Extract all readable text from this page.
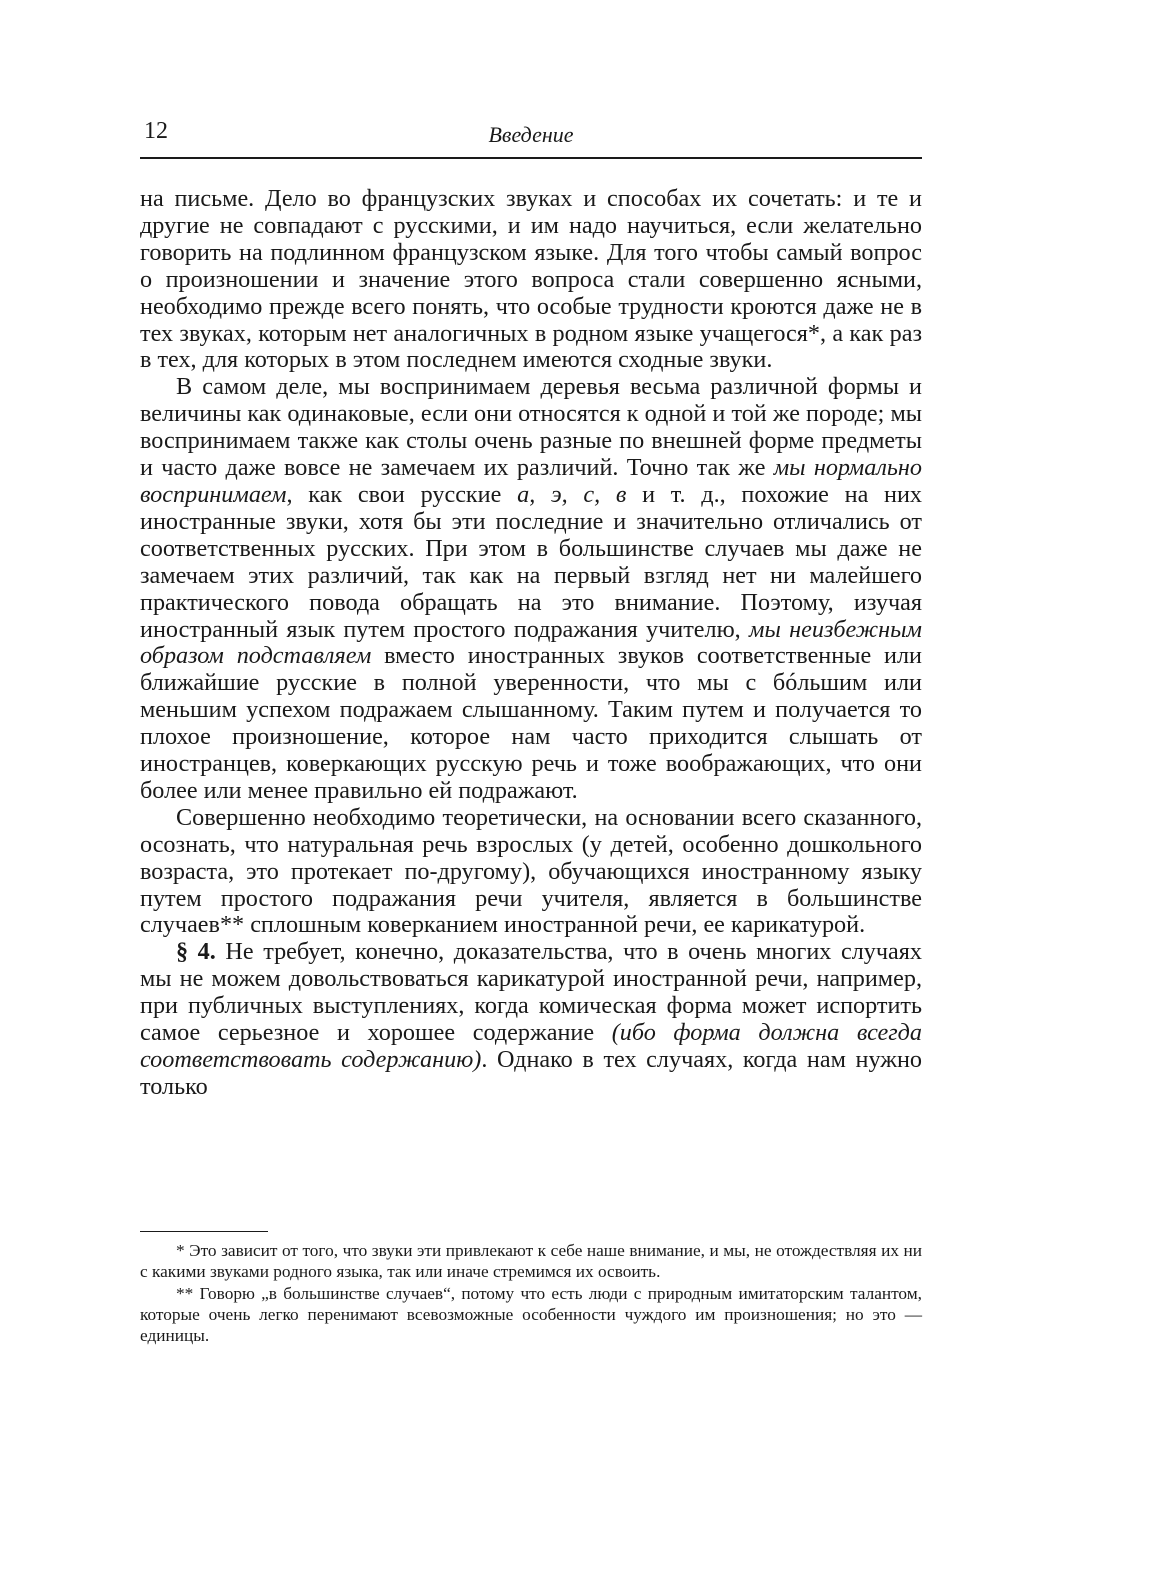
12	Введение

на письме. Дело во французских звуках и способах их сочетать: и те и другие не совпадают с русскими, и им надо научиться, если желательно говорить на подлинном французском языке. Для того чтобы самый вопрос о произношении и значение этого вопроса стали совершенно ясными, необходимо прежде всего понять, что особые трудности кроются даже не в тех звуках, которым нет аналогичных в родном языке учащегося*, а как раз в тех, для которых в этом последнем имеются сходные звуки.

В самом деле, мы воспринимаем деревья весьма различной формы и величины как одинаковые, если они относятся к одной и той же породе; мы воспринимаем также как столы очень разные по внешней форме предметы и часто даже вовсе не замечаем их различий. Точно так же мы нормально воспринимаем, как свои русские а, э, с, в и т. д., похожие на них иностранные звуки, хотя бы эти последние и значительно отличались от соответственных русских. При этом в большинстве случаев мы даже не замечаем этих различий, так как на первый взгляд нет ни малейшего практического повода обращать на это внимание. Поэтому, изучая иностранный язык путем простого подражания учителю, мы неизбежным образом подставляем вместо иностранных звуков соответственные или ближайшие русские в полной уверенности, что мы с бóльшим или меньшим успехом подражаем слышанному. Таким путем и получается то плохое произношение, которое нам часто приходится слышать от иностранцев, коверкающих русскую речь и тоже воображающих, что они более или менее правильно ей подражают.

Совершенно необходимо теоретически, на основании всего сказанного, осознать, что натуральная речь взрослых (у детей, особенно дошкольного возраста, это протекает по-другому), обучающихся иностранному языку путем простого подражания речи учителя, является в большинстве случаев** сплошным коверканием иностранной речи, ее карикатурой.

§ 4. Не требует, конечно, доказательства, что в очень многих случаях мы не можем довольствоваться карикатурой иностранной речи, например, при публичных выступлениях, когда комическая форма может испортить самое серьезное и хорошее содержание (ибо форма должна всегда соответствовать содержанию). Однако в тех случаях, когда нам нужно только

* Это зависит от того, что звуки эти привлекают к себе наше внимание, и мы, не отождествляя их ни с какими звуками родного языка, так или иначе стремимся их освоить.

** Говорю „в большинстве случаев“, потому что есть люди с природным имитаторским талантом, которые очень легко перенимают всевозможные особенности чуждого им произношения; но это — единицы.
